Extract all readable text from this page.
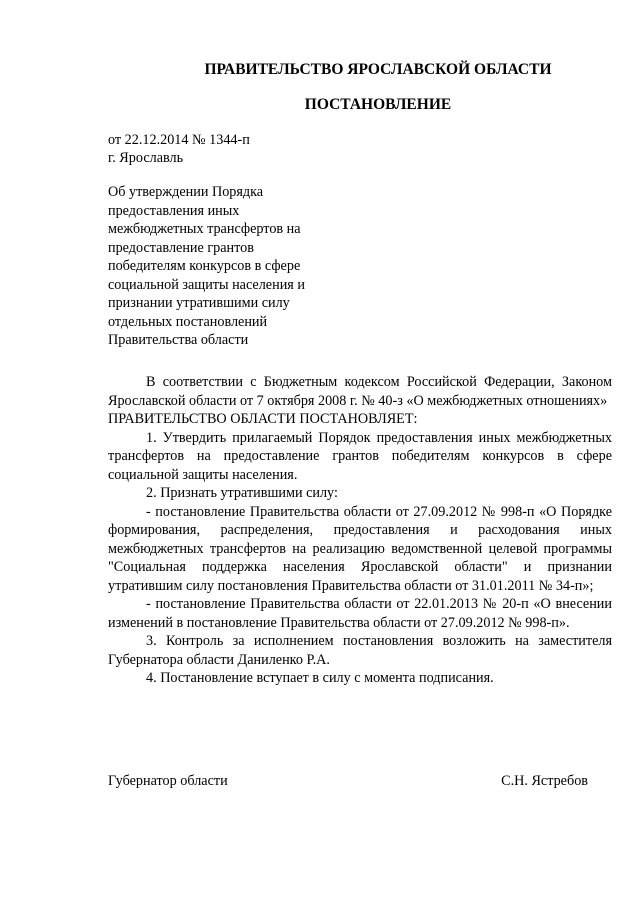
ПРАВИТЕЛЬСТВО ЯРОСЛАВСКОЙ ОБЛАСТИ
ПОСТАНОВЛЕНИЕ
от 22.12.2014 № 1344-п
г. Ярославль
Об утверждении Порядка
предоставления иных
межбюджетных трансфертов на
предоставление грантов
победителям конкурсов в сфере
социальной защиты населения и
признании утратившими силу
отдельных постановлений
Правительства области

В соответствии с Бюджетным кодексом Российской Федерации, Законом Ярославской области от 7 октября 2008 г. № 40-з «О межбюджетных отношениях»

ПРАВИТЕЛЬСТВО ОБЛАСТИ ПОСТАНОВЛЯЕТ:

1. Утвердить прилагаемый Порядок предоставления иных межбюджетных трансфертов на предоставление грантов победителям конкурсов в сфере социальной защиты населения.

2. Признать утратившими силу:

- постановление Правительства области от 27.09.2012 № 998-п «О Порядке формирования, распределения, предоставления и расходования иных межбюджетных трансфертов на реализацию ведомственной целевой программы "Социальная поддержка населения Ярославской области" и признании утратившим силу постановления Правительства области от 31.01.2011 № 34-п»;

- постановление Правительства области от 22.01.2013 № 20-п «О внесении изменений в постановление Правительства области от 27.09.2012 № 998-п».

3. Контроль за исполнением постановления возложить на заместителя Губернатора области Даниленко Р.А.

4. Постановление вступает в силу с момента подписания.

Губернатор области	С.Н. Ястребов
